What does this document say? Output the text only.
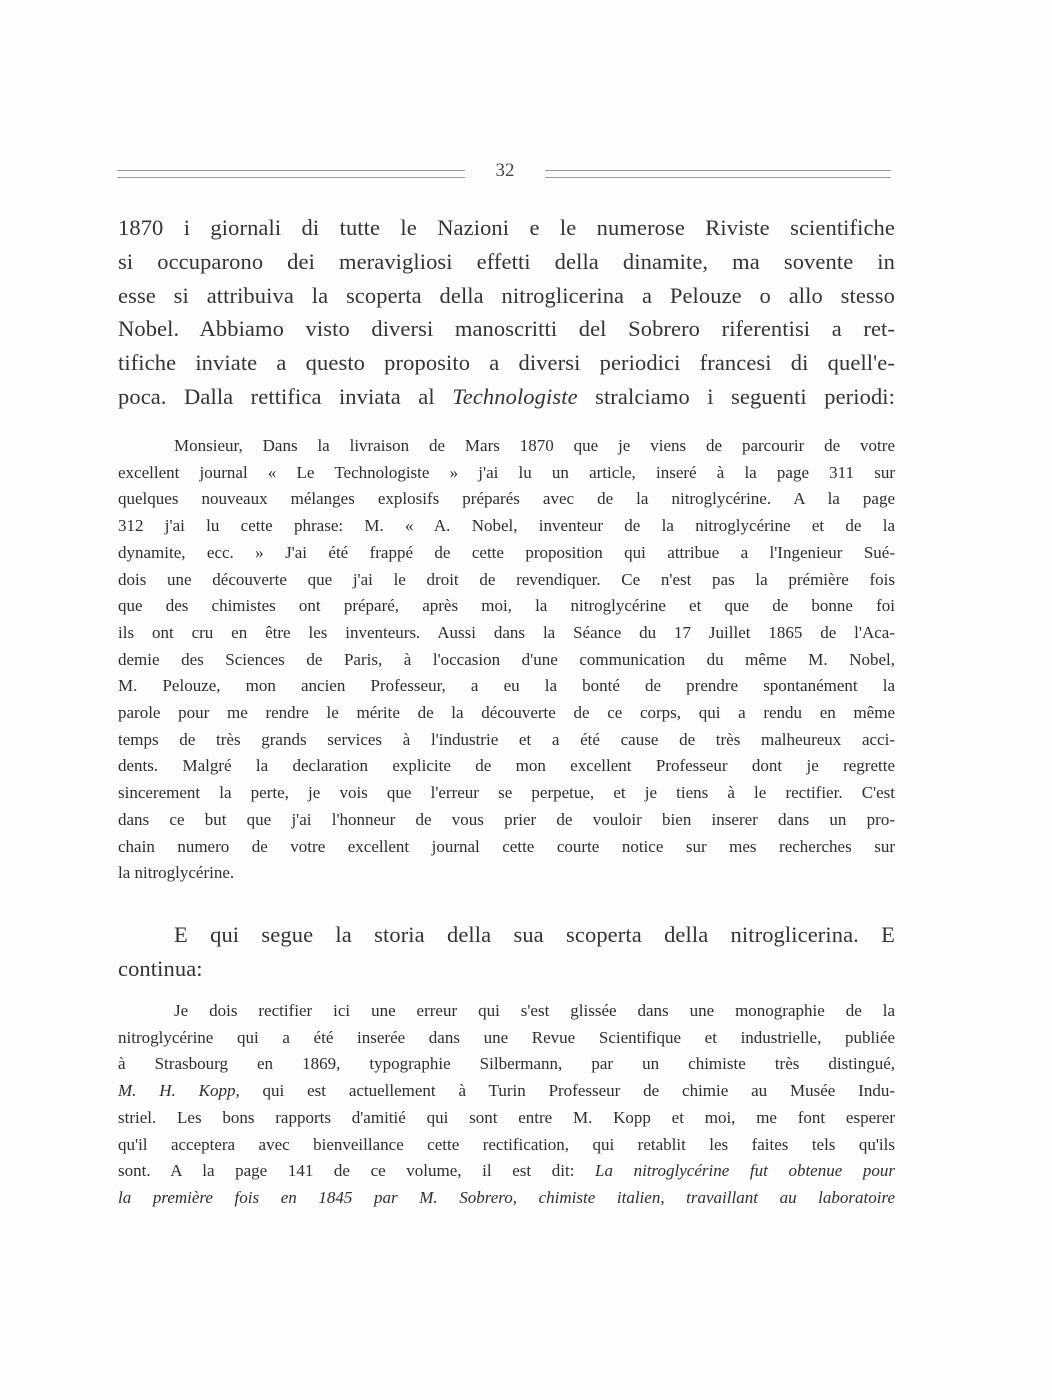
32
1870 i giornali di tutte le Nazioni e le numerose Riviste scientifiche
si occuparono dei meravigliosi effetti della dinamite, ma sovente in
esse si attribuiva la scoperta della nitroglicerina a Pelouze o allo stesso
Nobel. Abbiamo visto diversi manoscritti del Sobrero riferentisi a ret-
tifiche inviate a questo proposito a diversi periodici francesi di quell'e-
poca. Dalla rettifica inviata al Technologiste stralciamo i seguenti periodi:
Monsieur, Dans la livraison de Mars 1870 que je viens de parcourir de votre
excellent journal « Le Technologiste » j'ai lu un article, inseré à la page 311 sur
quelques nouveaux mélanges explosifs préparés avec de la nitroglycérine. A la page
312 j'ai lu cette phrase: M. « A. Nobel, inventeur de la nitroglycérine et de la
dynamite, ecc. » J'ai été frappé de cette proposition qui attribue a l'Ingenieur Sué-
dois une découverte que j'ai le droit de revendiquer. Ce n'est pas la prémière fois
que des chimistes ont préparé, après moi, la nitroglycérine et que de bonne foi
ils ont cru en être les inventeurs. Aussi dans la Séance du 17 Juillet 1865 de l'Aca-
demie des Sciences de Paris, à l'occasion d'une communication du même M. Nobel,
M. Pelouze, mon ancien Professeur, a eu la bonté de prendre spontanément la
parole pour me rendre le mérite de la découverte de ce corps, qui a rendu en même
temps de très grands services à l'industrie et a été cause de très malheureux acci-
dents. Malgré la declaration explicite de mon excellent Professeur dont je regrette
sincerement la perte, je vois que l'erreur se perpetue, et je tiens à le rectifier. C'est
dans ce but que j'ai l'honneur de vous prier de vouloir bien inserer dans un pro-
chain numero de votre excellent journal cette courte notice sur mes recherches sur
la nitroglycérine.
E qui segue la storia della sua scoperta della nitroglicerina. E
continua:
Je dois rectifier ici une erreur qui s'est glissée dans une monographie de la
nitroglycérine qui a été inserée dans une Revue Scientifique et industrielle, publiée
à Strasbourg en 1869, typographie Silbermann, par un chimiste très distingué,
M. H. Kopp, qui est actuellement à Turin Professeur de chimie au Musée Indu-
striel. Les bons rapports d'amitié qui sont entre M. Kopp et moi, me font esperer
qu'il acceptera avec bienveillance cette rectification, qui retablit les faites tels qu'ils
sont. A la page 141 de ce volume, il est dit: La nitroglycérine fut obtenue pour
la première fois en 1845 par M. Sobrero, chimiste italien, travaillant au laboratoire
